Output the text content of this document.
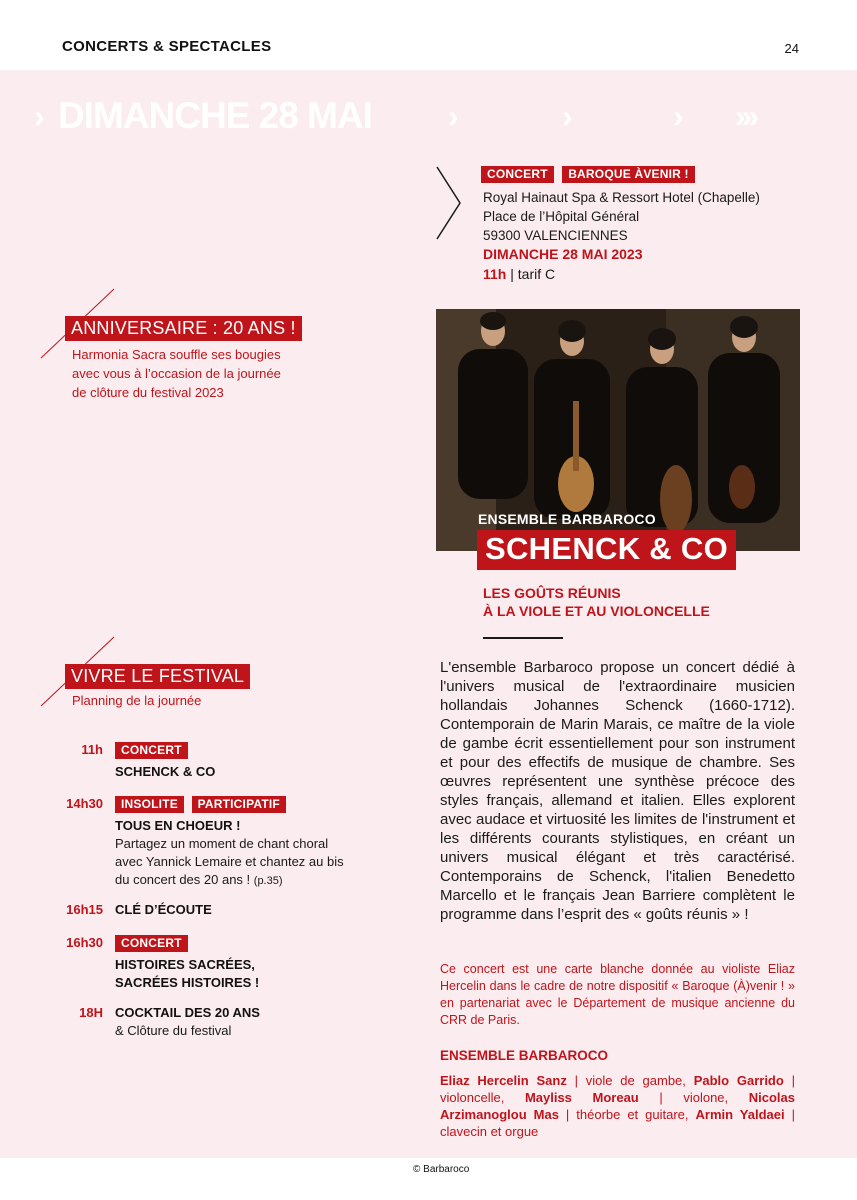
CONCERTS & SPECTACLES	24
› DIMANCHE 28 MAI ›	›	› ›››
CONCERT BAROQUE ÀVENIR !
Royal Hainaut Spa & Ressort Hotel (Chapelle)
Place de l’Hôpital Général
59300 VALENCIENNES
DIMANCHE 28 MAI 2023
11h | tarif C
ANNIVERSAIRE : 20 ANS !
Harmonia Sacra souffle ses bougies
avec vous à l’occasion de la journée
de clôture du festival 2023
ENSEMBLE BARBAROCO
SCHENCK & CO
LES GOÛTS RÉUNIS
À LA VIOLE ET AU VIOLONCELLE
VIVRE LE FESTIVAL
Planning de la journée
11h	CONCERT
SCHENCK & CO
14h30	INSOLITE PARTICIPATIF
TOUS EN CHOEUR !
Partagez un moment de chant choral avec Yannick Lemaire et chantez au bis du concert des 20 ans ! (p.35)
16h15 CLÉ D’ÉCOUTE
16h30	CONCERT
HISTOIRES SACRÉES,
SACRÉES HISTOIRES !
18H COCKTAIL DES 20 ANS
& Clôture du festival
L'ensemble Barbaroco propose un concert dédié à l'univers musical de l'extraordinaire musicien hollandais Johannes Schenck (1660-1712). Contemporain de Marin Marais, ce maître de la viole de gambe écrit essentiellement pour son instrument et pour des effectifs de musique de chambre. Ses œuvres représentent une synthèse précoce des styles français, allemand et italien. Elles explorent avec audace et virtuosité les limites de l'instrument et les différents courants stylistiques, en créant un univers musical élégant et très caractérisé. Contemporains de Schenck, l'italien Benedetto Marcello et le français Jean Barriere complètent le programme dans l’esprit des « goûts réunis » !
Ce concert est une carte blanche donnée au violiste Eliaz Hercelin dans le cadre de notre dispositif « Baroque (À)venir ! » en partenariat avec le Département de musique ancienne du CRR de Paris.
ENSEMBLE BARBAROCO
Eliaz Hercelin Sanz | viole de gambe, Pablo Garrido | violoncelle, Mayliss Moreau | violone, Nicolas Arzimanoglou Mas | théorbe et guitare, Armin Yaldaei | clavecin et orgue
© Barbaroco
